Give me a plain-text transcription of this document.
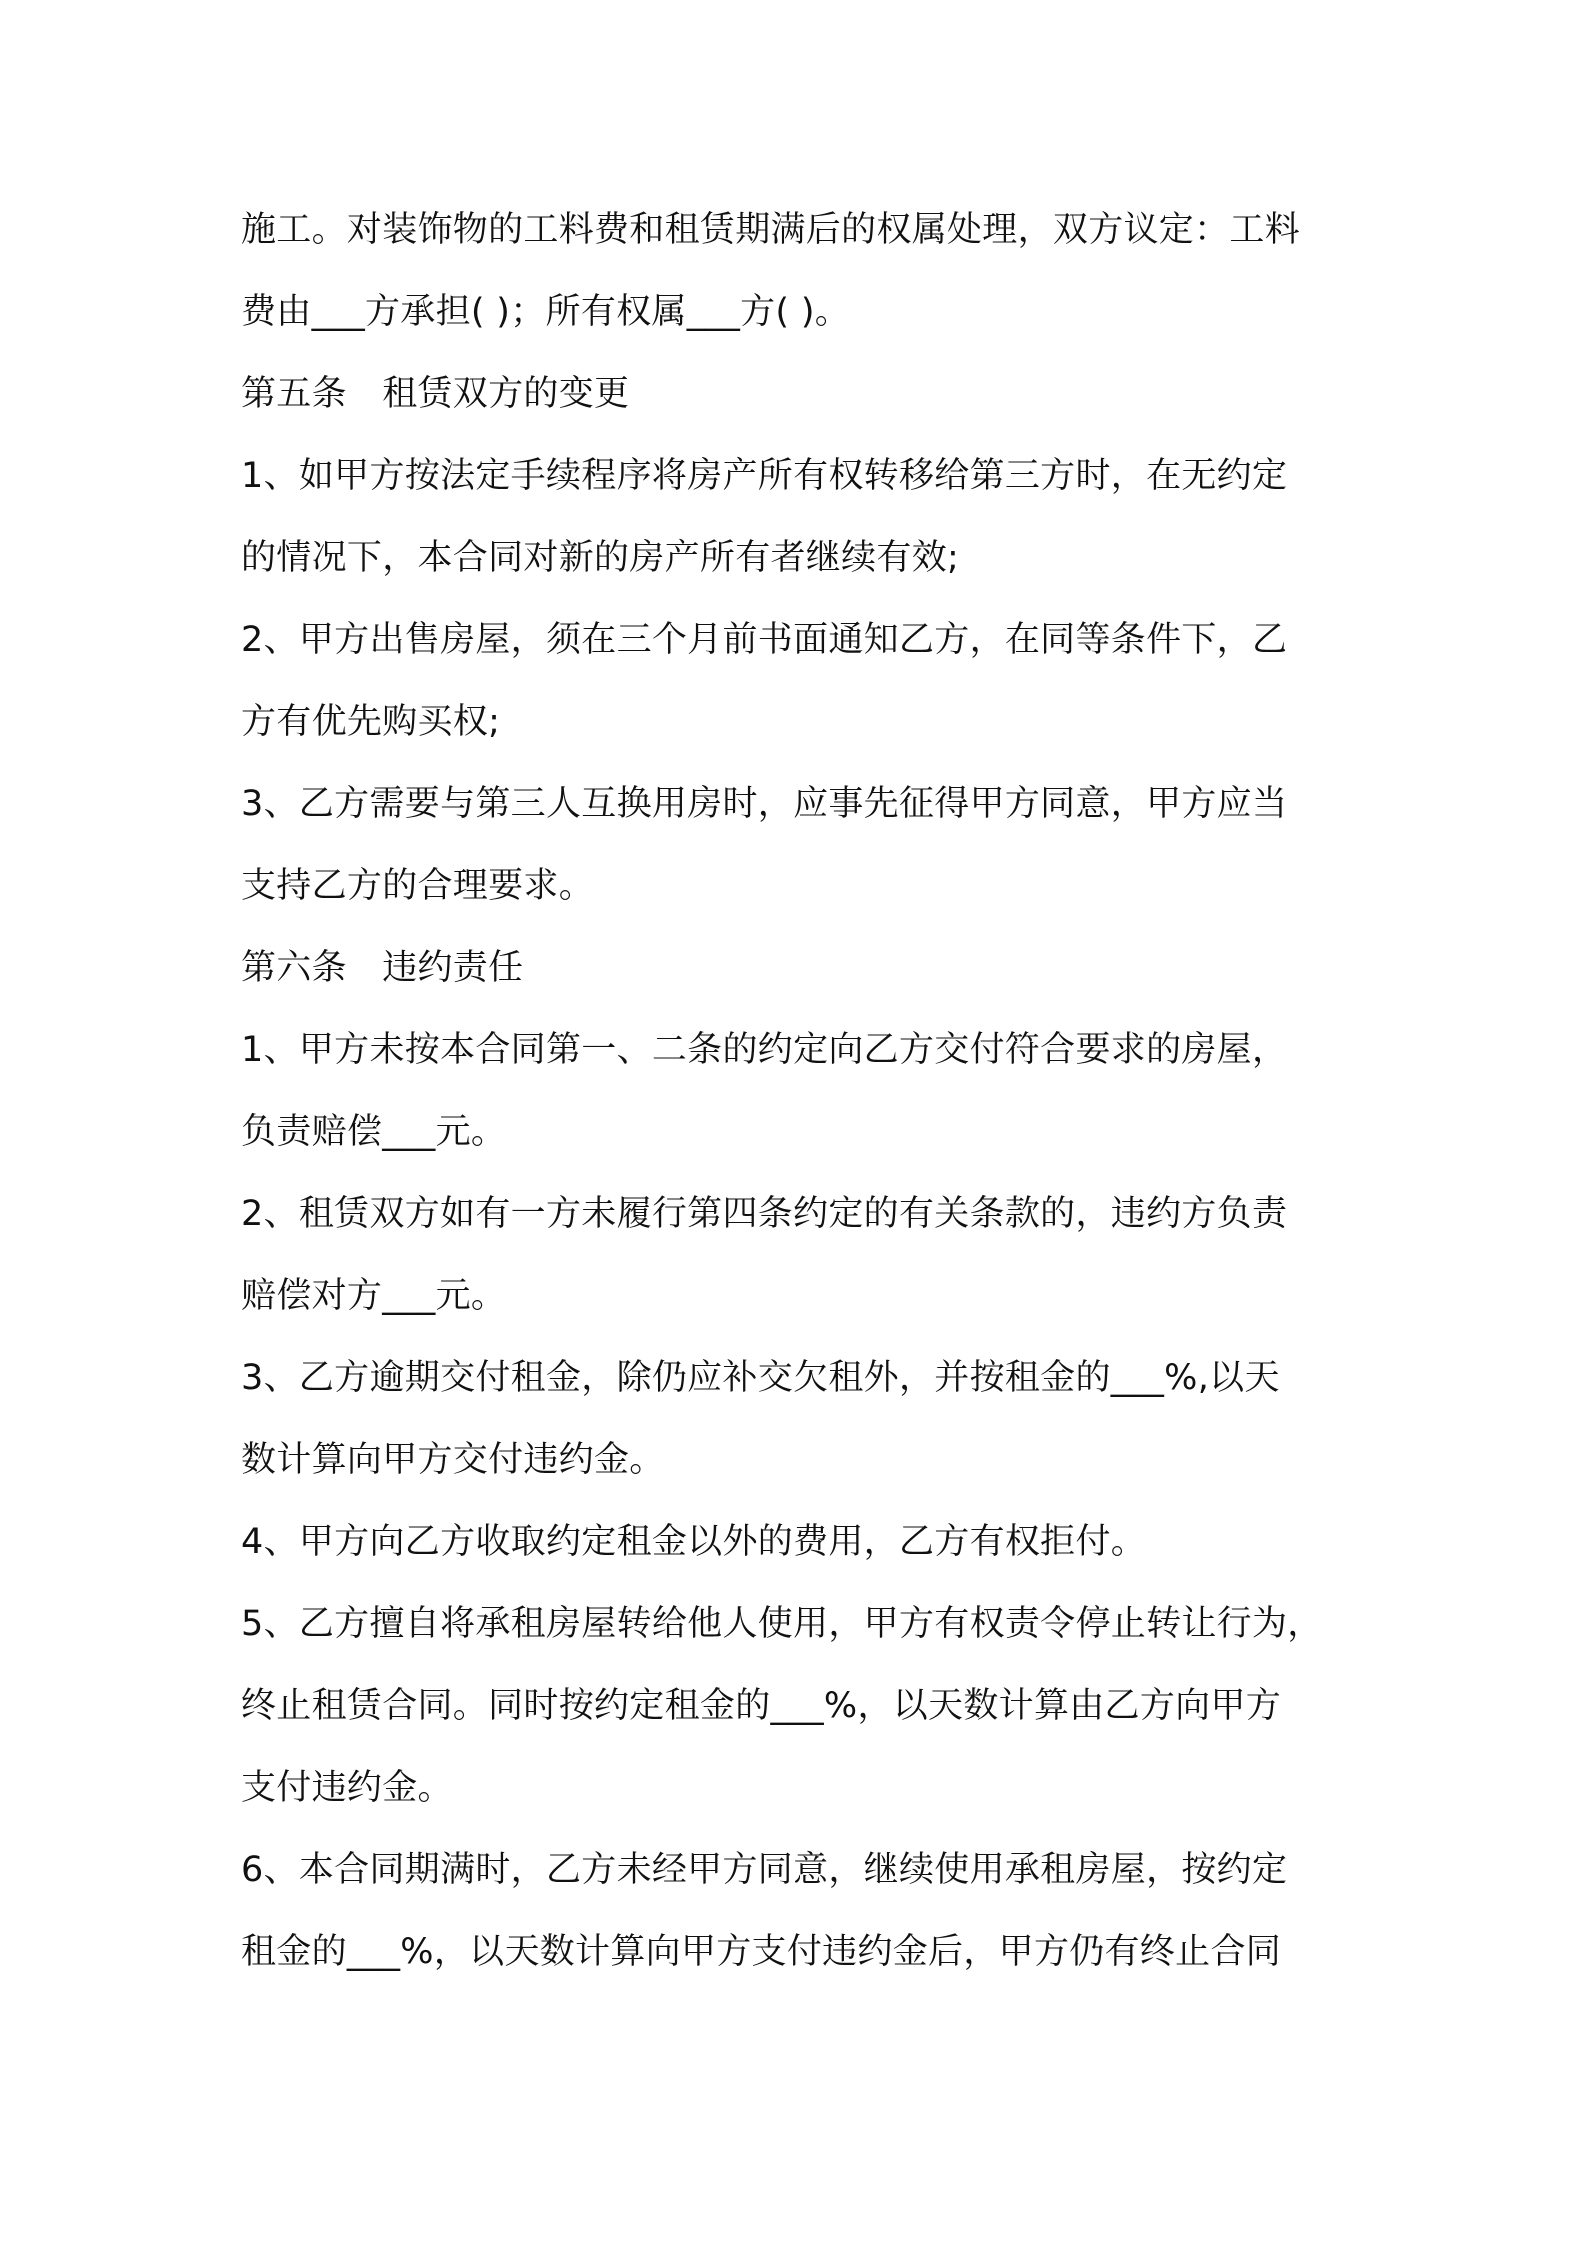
施工。对装饰物的工料费和租赁期满后的权属处理，双方议定：工料
费由___方承担( )；所有权属___方( )。
第五条　租赁双方的变更
1、如甲方按法定手续程序将房产所有权转移给第三方时，在无约定
的情况下，本合同对新的房产所有者继续有效;
2、甲方出售房屋，须在三个月前书面通知乙方，在同等条件下，乙
方有优先购买权;
3、乙方需要与第三人互换用房时，应事先征得甲方同意，甲方应当
支持乙方的合理要求。
第六条　违约责任
1、甲方未按本合同第一、二条的约定向乙方交付符合要求的房屋，
负责赔偿___元。
2、租赁双方如有一方未履行第四条约定的有关条款的，违约方负责
赔偿对方___元。
3、乙方逾期交付租金，除仍应补交欠租外，并按租金的___%,以天
数计算向甲方交付违约金。
4、甲方向乙方收取约定租金以外的费用，乙方有权拒付。
5、乙方擅自将承租房屋转给他人使用，甲方有权责令停止转让行为，
终止租赁合同。同时按约定租金的___%，以天数计算由乙方向甲方
支付违约金。
6、本合同期满时，乙方未经甲方同意，继续使用承租房屋，按约定
租金的___%，以天数计算向甲方支付违约金后，甲方仍有终止合同
